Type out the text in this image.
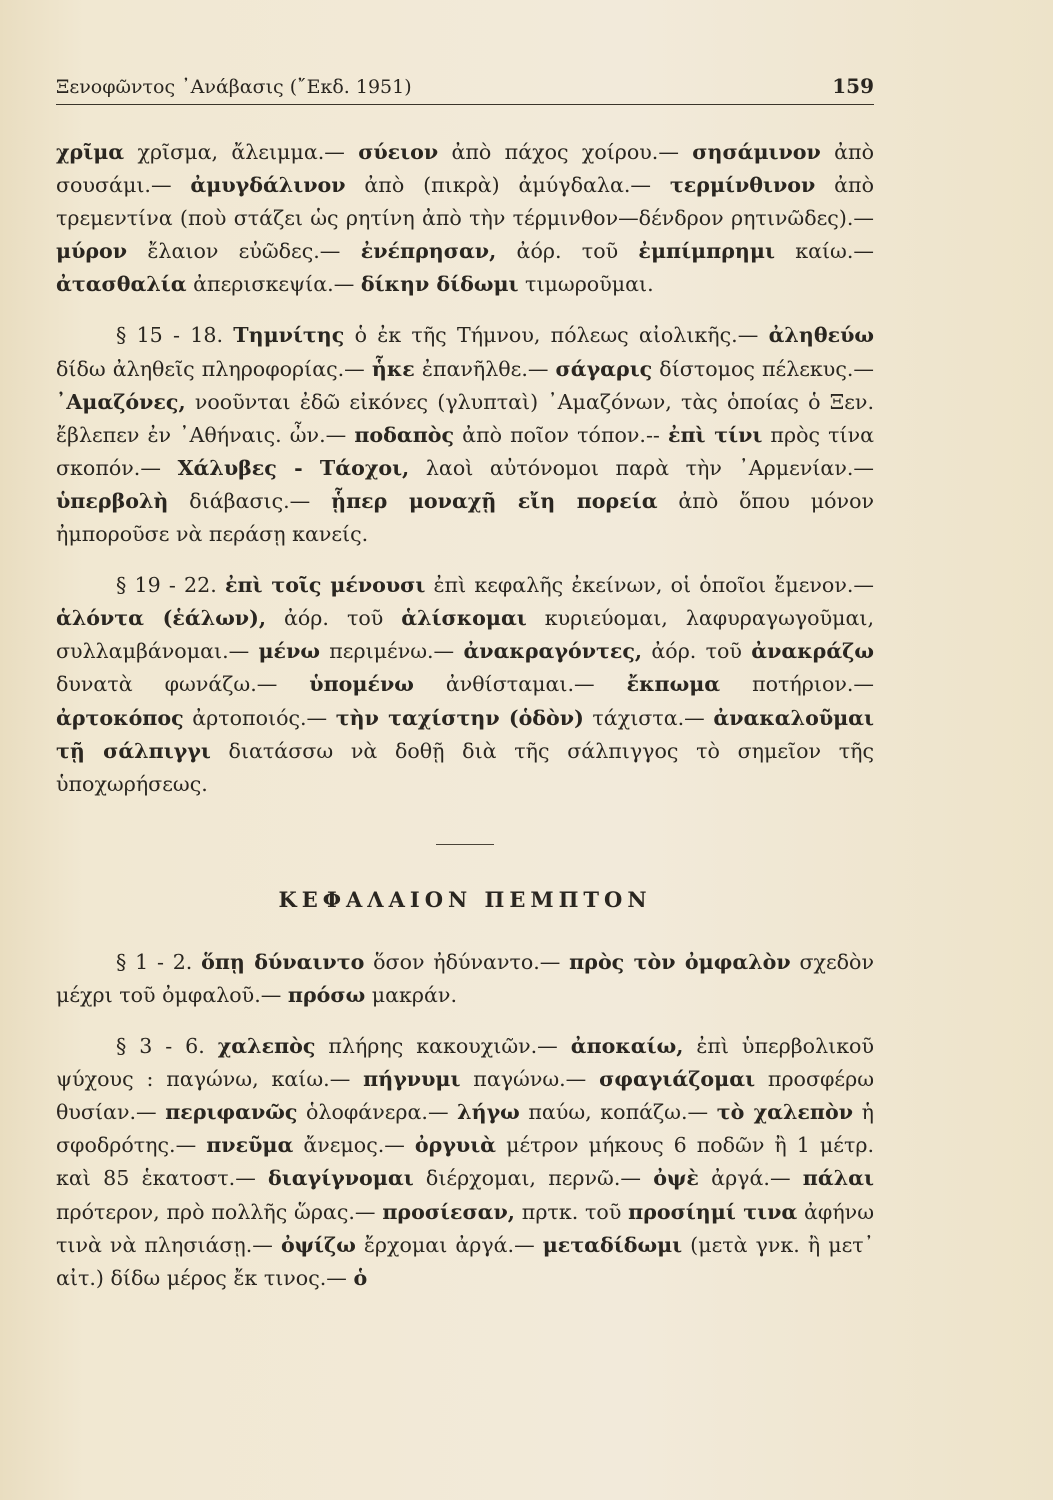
Ξενοφῶντος ᾿Ανάβασις (῎Εκδ. 1951)	159

χρῖμα χρῖσμα, ἄλειμμα.— σύειον ἀπὸ πάχος χοίρου.— σησάμινον ἀπὸ σουσάμι.— ἀμυγδάλινον ἀπὸ (πικρὰ) ἀμύγδαλα.— τερμίνθινον ἀπὸ τρεμεντίνα (ποὺ στάζει ὡς ρητίνη ἀπὸ τὴν τέρμινθον—δένδρον ρητινῶδες).— μύρον ἔλαιον εὐῶδες.— ἐνέπρησαν, ἀόρ. τοῦ ἐμπίμπρημι καίω.— ἀτασθαλία ἀπερισκεψία.— δίκην δίδωμι τιμωροῦμαι.

§ 15 - 18. Τημνίτης ὁ ἐκ τῆς Τήμνου, πόλεως αἰολικῆς.— ἀληθεύω δίδω ἀληθεῖς πληροφορίας.— ἧκε ἐπανῆλθε.— σάγαρις δίστομος πέλεκυς.— ᾿Αμαζόνες, νοοῦνται ἐδῶ εἰκόνες (γλυπταὶ) ᾿Αμαζόνων, τὰς ὁποίας ὁ Ξεν. ἔβλεπεν ἐν ᾿Αθήναις. ὦν.— ποδαπὸς ἀπὸ ποῖον τόπον.-- ἐπὶ τίνι πρὸς τίνα σκοπόν.— Χάλυβες - Τάοχοι, λαοὶ αὐτόνομοι παρὰ τὴν ᾿Αρμενίαν.— ὑπερβολὴ διάβασις.— ᾗπερ μοναχῇ εἴη πορεία ἀπὸ ὅπου μόνον ἠμποροῦσε νὰ περάσῃ κανείς.

§ 19 - 22. ἐπὶ τοῖς μένουσι ἐπὶ κεφαλῆς ἐκείνων, οἱ ὁποῖοι ἔμενον.— ἁλόντα (ἑάλων), ἀόρ. τοῦ ἁλίσκομαι κυριεύομαι, λαφυραγωγοῦμαι, συλλαμβάνομαι.— μένω περιμένω.— ἀνακραγόντες, ἀόρ. τοῦ ἀνακράζω δυνατὰ φωνάζω.— ὑπομένω ἀνθίσταμαι.— ἔκπωμα ποτήριον.— ἀρτοκόπος ἀρτοποιός.— τὴν ταχίστην (ὁδὸν) τάχιστα.— ἀνακαλοῦμαι τῇ σάλπιγγι διατάσσω νὰ δοθῇ διὰ τῆς σάλπιγγος τὸ σημεῖον τῆς ὑποχωρήσεως.

ΚΕΦΑΛΑΙΟΝ ΠΕΜΠΤΟΝ

§ 1 - 2. ὅπῃ δύναιντο ὅσον ἠδύναντο.— πρὸς τὸν ὀμφαλὸν σχεδὸν μέχρι τοῦ ὀμφαλοῦ.— πρόσω μακράν.

§ 3 - 6. χαλεπὸς πλήρης κακουχιῶν.— ἀποκαίω, ἐπὶ ὑπερβολικοῦ ψύχους : παγώνω, καίω.— πήγνυμι παγώνω.— σφαγιάζομαι προσφέρω θυσίαν.— περιφανῶς ὁλοφάνερα.— λήγω παύω, κοπάζω.— τὸ χαλεπὸν ἡ σφοδρότης.— πνεῦμα ἄνεμος.— ὀργυιὰ μέτρον μήκους 6 ποδῶν ἢ 1 μέτρ. καὶ 85 ἑκατοστ.— διαγίγνομαι διέρχομαι, περνῶ.— ὀψὲ ἀργά.— πάλαι πρότερον, πρὸ πολλῆς ὥρας.— προσίεσαν, πρτκ. τοῦ προσίημί τινα ἀφήνω τινὰ νὰ πλησιάσῃ.— ὀψίζω ἔρχομαι ἀργά.— μεταδίδωμι (μετὰ γνκ. ἢ μετ᾿ αἰτ.) δίδω μέρος ἔκ τινος.— ὁ
